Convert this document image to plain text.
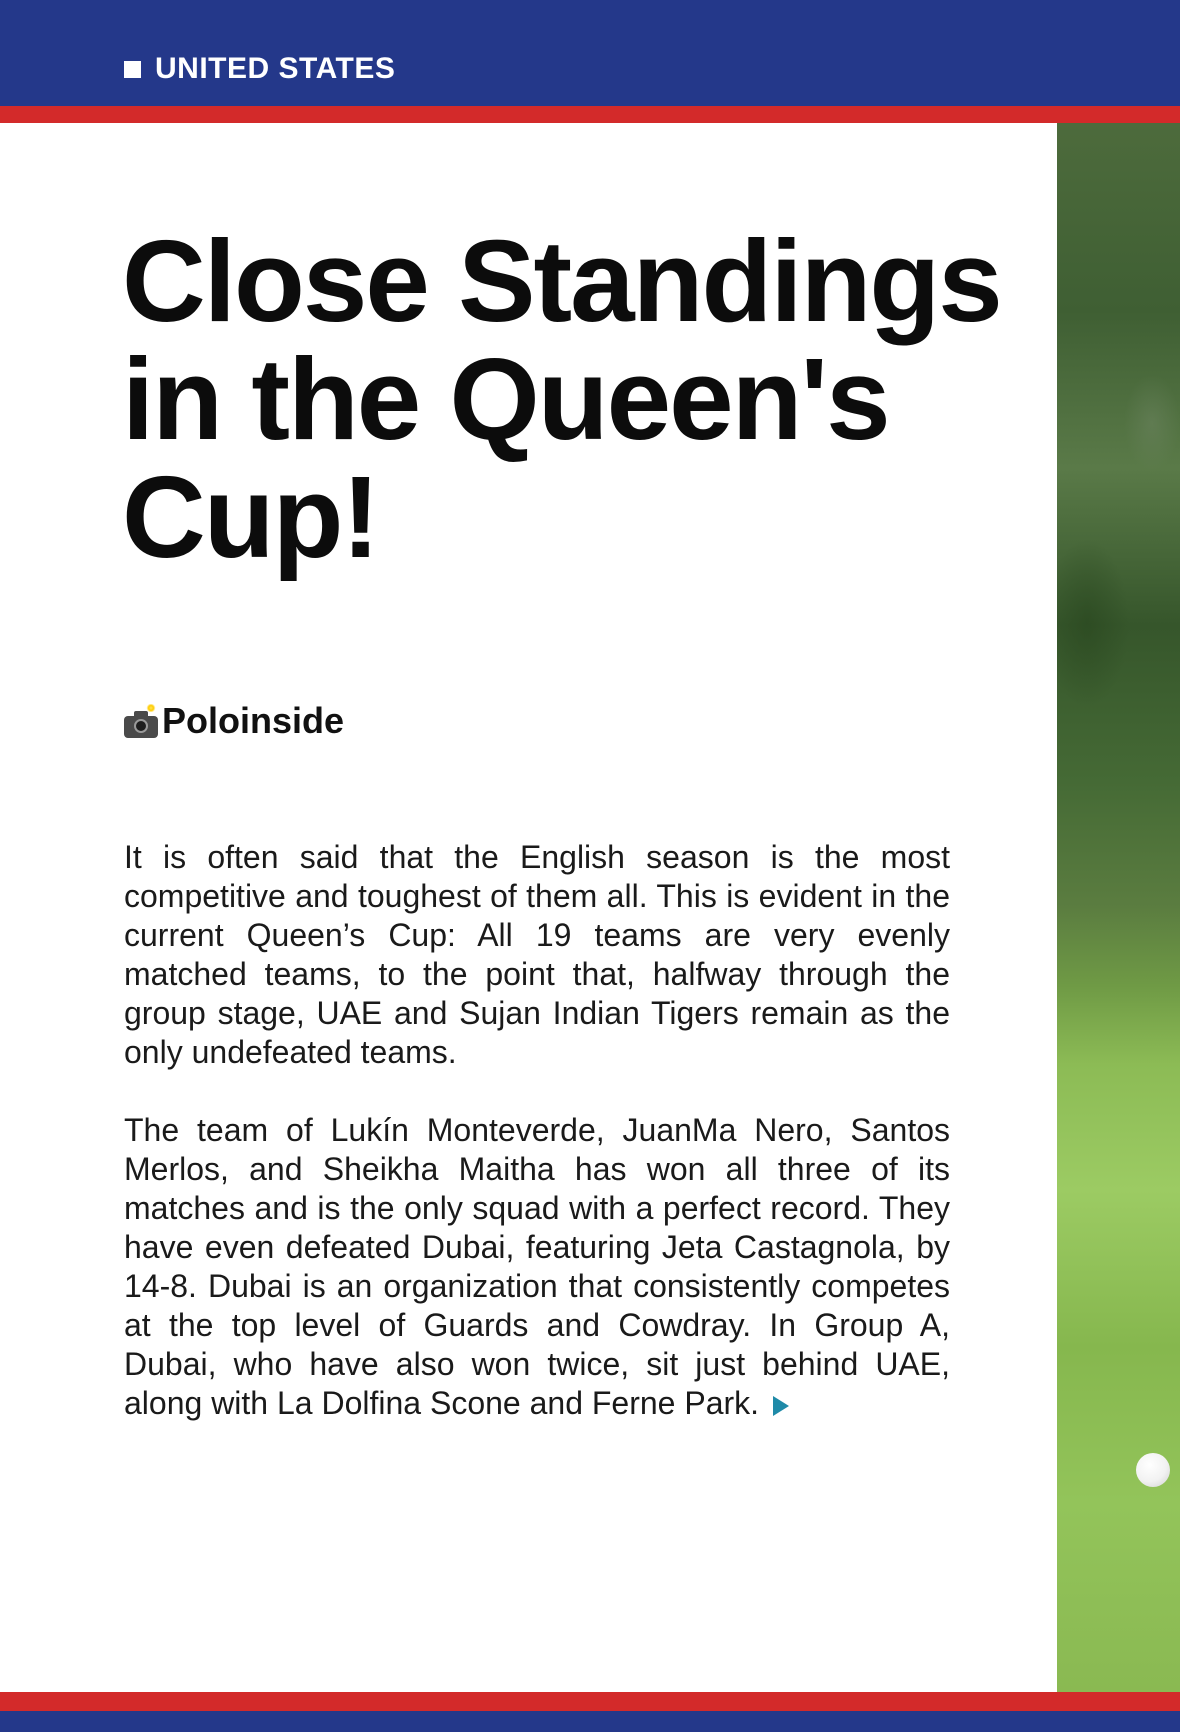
UNITED STATES
Close Standings in the Queen's Cup!
Poloinside

It is often said that the English season is the most competitive and toughest of them all. This is evident in the current Queen’s Cup: All 19 teams are very evenly matched teams, to the point that, halfway through the group stage, UAE and Sujan Indian Tigers remain as the only undefeated teams.

The team of Lukín Monteverde, JuanMa Nero, Santos Merlos, and Sheikha Maitha has won all three of its matches and is the only squad with a perfect record. They have even defeated Dubai, featuring Jeta Castagnola, by 14-8. Dubai is an organization that consistently competes at the top level of Guards and Cowdray. In Group A, Dubai, who have also won twice, sit just behind UAE, along with La Dolfina Scone and Ferne Park.
